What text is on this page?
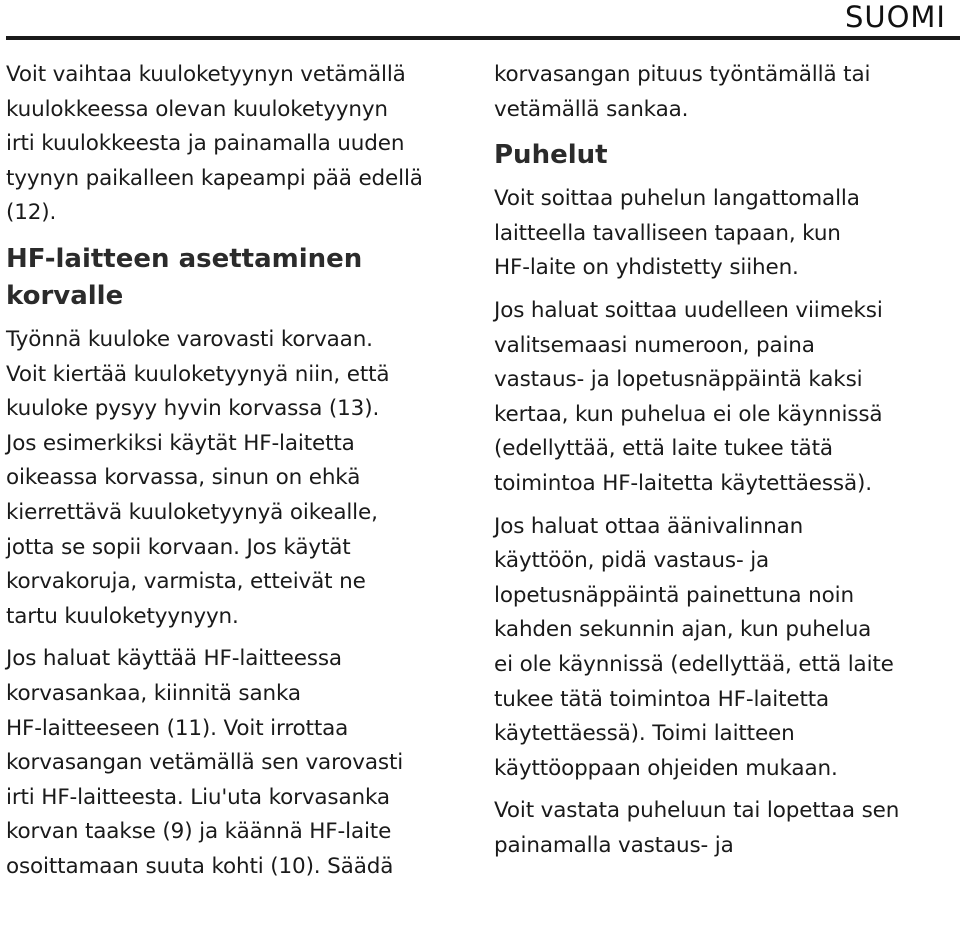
SUOMI
Voit vaihtaa kuuloketyynyn vetämällä
kuulokkeessa olevan kuuloketyynyn
irti kuulokkeesta ja painamalla uuden
tyynyn paikalleen kapeampi pää edellä
(12).
HF-laitteen asettaminen
korvalle
Työnnä kuuloke varovasti korvaan.
Voit kiertää kuuloketyynyä niin, että
kuuloke pysyy hyvin korvassa (13).
Jos esimerkiksi käytät HF-laitetta
oikeassa korvassa, sinun on ehkä
kierrettävä kuuloketyynyä oikealle,
jotta se sopii korvaan. Jos käytät
korvakoruja, varmista, etteivät ne
tartu kuuloketyynyyn.
Jos haluat käyttää HF-laitteessa
korvasankaa, kiinnitä sanka
HF-laitteeseen (11). Voit irrottaa
korvasangan vetämällä sen varovasti
irti HF-laitteesta. Liu'uta korvasanka
korvan taakse (9) ja käännä HF-laite
osoittamaan suuta kohti (10). Säädä
korvasangan pituus työntämällä tai
vetämällä sankaa.
Puhelut
Voit soittaa puhelun langattomalla
laitteella tavalliseen tapaan, kun
HF-laite on yhdistetty siihen.
Jos haluat soittaa uudelleen viimeksi
valitsemaasi numeroon, paina
vastaus- ja lopetusnäppäintä kaksi
kertaa, kun puhelua ei ole käynnissä
(edellyttää, että laite tukee tätä
toimintoa HF-laitetta käytettäessä).
Jos haluat ottaa äänivalinnan
käyttöön, pidä vastaus- ja
lopetusnäppäintä painettuna noin
kahden sekunnin ajan, kun puhelua
ei ole käynnissä (edellyttää, että laite
tukee tätä toimintoa HF-laitetta
käytettäessä). Toimi laitteen
käyttöoppaan ohjeiden mukaan.
Voit vastata puheluun tai lopettaa sen
painamalla vastaus- ja
